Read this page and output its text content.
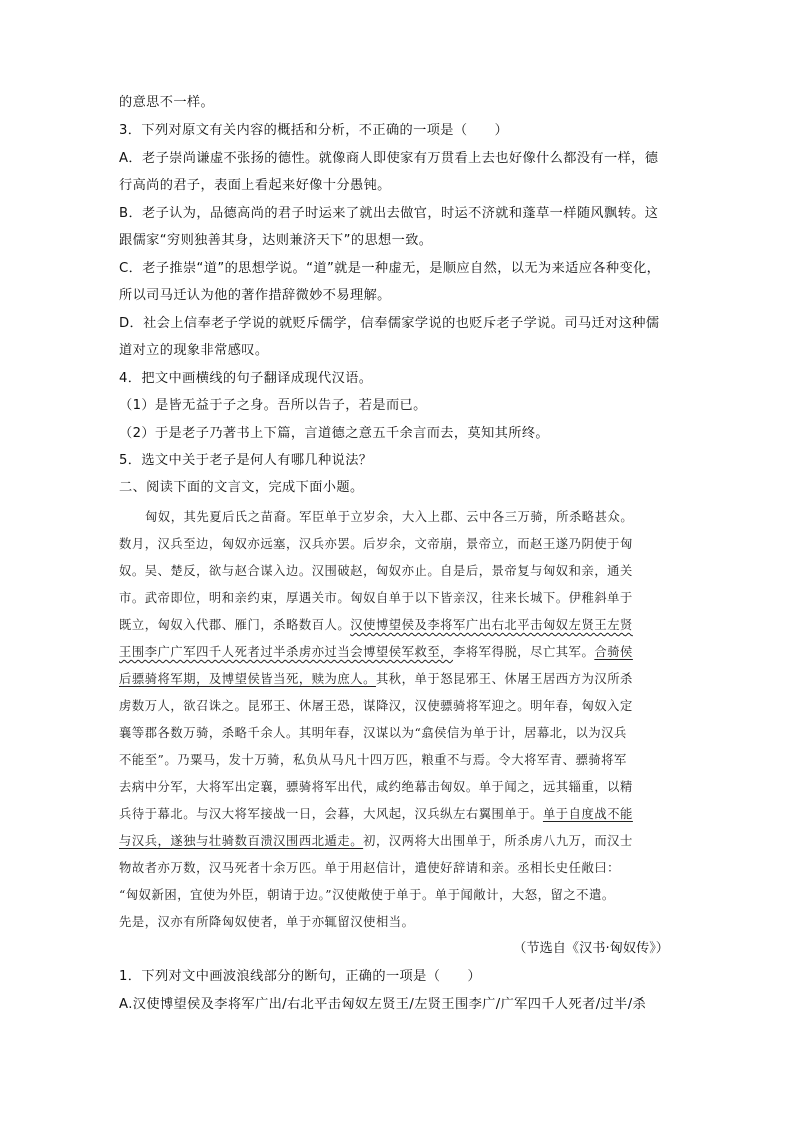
的意思不一样。
3．下列对原文有关内容的概括和分析，不正确的一项是（　　）
A．老子崇尚谦虚不张扬的德性。就像商人即使家有万贯看上去也好像什么都没有一样，德
行高尚的君子，表面上看起来好像十分愚钝。
B．老子认为，品德高尚的君子时运来了就出去做官，时运不济就和蓬草一样随风飘转。这
跟儒家“穷则独善其身，达则兼济天下”的思想一致。
C．老子推崇“道”的思想学说。“道”就是一种虚无，是顺应自然，以无为来适应各种变化，
所以司马迁认为他的著作措辞微妙不易理解。
D．社会上信奉老子学说的就贬斥儒学，信奉儒家学说的也贬斥老子学说。司马迁对这种儒
道对立的现象非常感叹。
4．把文中画横线的句子翻译成现代汉语。
（1）是皆无益于子之身。吾所以告子，若是而已。
（2）于是老子乃著书上下篇，言道德之意五千余言而去，莫知其所终。
5．选文中关于老子是何人有哪几种说法？
二、阅读下面的文言文，完成下面小题。
匈奴，其先夏后氏之苗裔。军臣单于立岁余，大入上郡、云中各三万骑，所杀略甚众。
数月，汉兵至边，匈奴亦远塞，汉兵亦罢。后岁余，文帝崩，景帝立，而赵王遂乃阴使于匈
奴。吴、楚反，欲与赵合谋入边。汉围破赵，匈奴亦止。自是后，景帝复与匈奴和亲，通关
市。武帝即位，明和亲约束，厚遇关市。匈奴自单于以下皆亲汉，往来长城下。伊稚斜单于
既立，匈奴入代郡、雁门，杀略数百人。汉使博望侯及李将军广出右北平击匈奴左贤王左贤
王围李广广军四千人死者过半杀虏亦过当会博望侯军救至，李将军得脱，尽亡其军。合骑侯
后骠骑将军期，及博望侯皆当死，赎为庶人。其秋，单于怒昆邪王、休屠王居西方为汉所杀
虏数万人，欲召诛之。昆邪王、休屠王恐，谋降汉，汉使骠骑将军迎之。明年春，匈奴入定
襄等郡各数万骑，杀略千余人。其明年春，汉谋以为“翕侯信为单于计，居幕北，以为汉兵
不能至”。乃粟马，发十万骑，私负从马凡十四万匹，粮重不与焉。令大将军青、骠骑将军
去病中分军，大将军出定襄，骠骑将军出代，咸约绝幕击匈奴。单于闻之，远其辎重，以精
兵待于幕北。与汉大将军接战一日，会暮，大风起，汉兵纵左右翼围单于。单于自度战不能
与汉兵，遂独与壮骑数百溃汉围西北遁走。初，汉两将大出围单于，所杀虏八九万，而汉士
物故者亦万数，汉马死者十余万匹。单于用赵信计，遣使好辞请和亲。丞相长史任敞曰：
“匈奴新困，宜使为外臣，朝请于边。”汉使敞使于单于。单于闻敞计，大怒，留之不遣。
先是，汉亦有所降匈奴使者，单于亦辄留汉使相当。
（节选自《汉书·匈奴传》）
1．下列对文中画波浪线部分的断句，正确的一项是（　　）
A.汉使博望侯及李将军广出/右北平击匈奴左贤王/左贤王围李广/广军四千人死者/过半/杀
